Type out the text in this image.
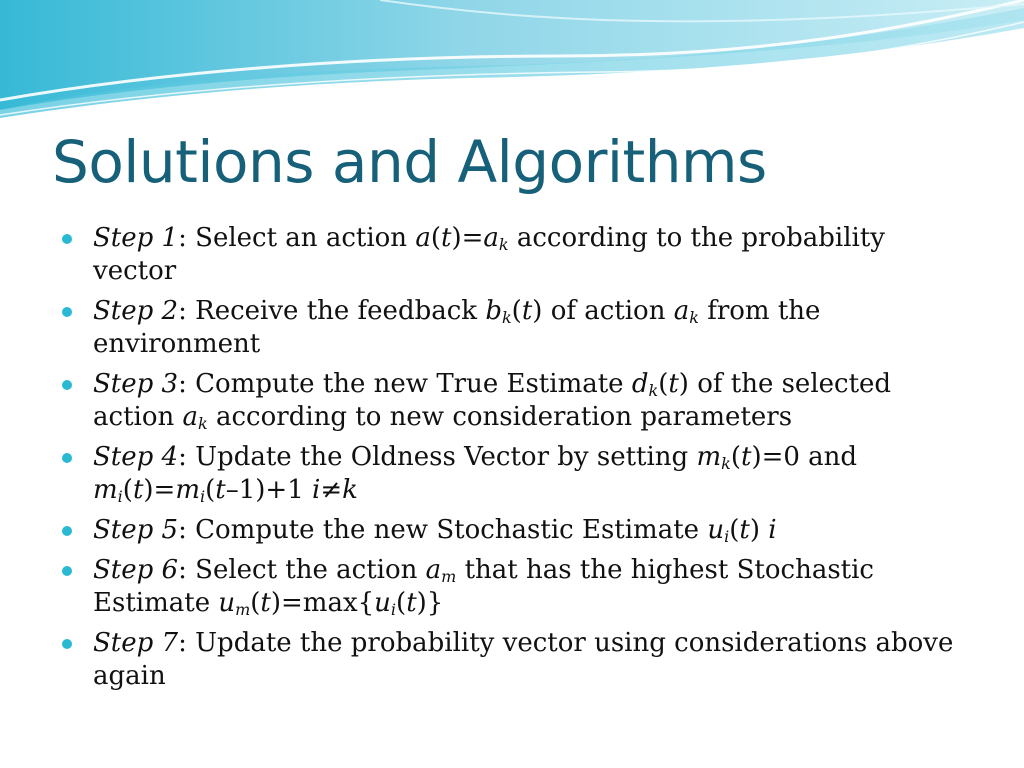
Solutions and Algorithms
Step 1: Select an action $a(t)=a_k$ according to the probability vector
Step 2: Receive the feedback $b_k(t)$ of action $a_k$ from the environment
Step 3: Compute the new True Estimate $d_k(t)$ of the selected action $a_k$ according to new consideration parameters
Step 4: Update the Oldness Vector by setting $m_k(t)=0$ and $m_i(t)=m_i(t-1)+1$ i≠k
Step 5: Compute the new Stochastic Estimate $u_i(t)$ i
Step 6: Select the action $a_m$ that has the highest Stochastic Estimate $u_m(t)=\max\{u_i(t)\}$
Step 7: Update the probability vector using considerations above again
